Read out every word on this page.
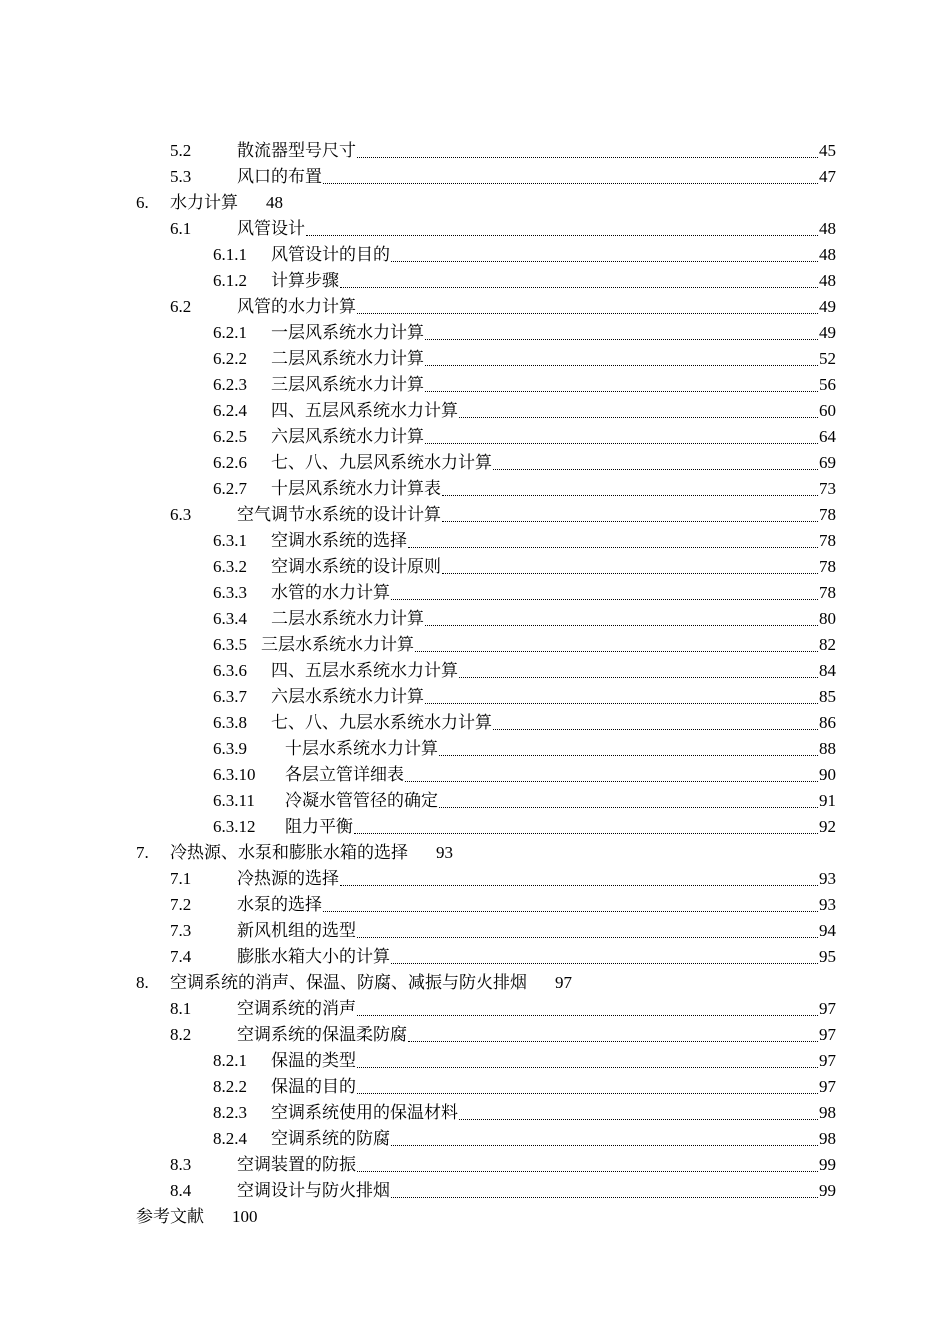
5.2	散流器型号尺寸	45
5.3	风口的布置	47
6.	水力计算	48
6.1	风管设计	48
6.1.1	风管设计的目的	48
6.1.2	计算步骤	48
6.2	风管的水力计算	49
6.2.1	一层风系统水力计算	49
6.2.2	二层风系统水力计算	52
6.2.3	三层风系统水力计算	56
6.2.4	四、五层风系统水力计算	60
6.2.5	六层风系统水力计算	64
6.2.6	七、八、九层风系统水力计算	69
6.2.7	十层风系统水力计算表	73
6.3	空气调节水系统的设计计算	78
6.3.1	空调水系统的选择	78
6.3.2	空调水系统的设计原则	78
6.3.3	水管的水力计算	78
6.3.4	二层水系统水力计算	80
6.3.5 三层水系统水力计算	82
6.3.6	四、五层水系统水力计算	84
6.3.7	六层水系统水力计算	85
6.3.8	七、八、九层水系统水力计算	86
6.3.9	十层水系统水力计算	88
6.3.10	各层立管详细表	90
6.3.11	冷凝水管管径的确定	91
6.3.12	阻力平衡	92
7.	冷热源、水泵和膨胀水箱的选择	93
7.1	冷热源的选择	93
7.2	水泵的选择	93
7.3	新风机组的选型	94
7.4	膨胀水箱大小的计算	95
8.	空调系统的消声、保温、防腐、减振与防火排烟	97
8.1	空调系统的消声	97
8.2	空调系统的保温柔防腐	97
8.2.1	保温的类型	97
8.2.2	保温的目的	97
8.2.3	空调系统使用的保温材料	98
8.2.4	空调系统的防腐	98
8.3	空调装置的防振	99
8.4	空调设计与防火排烟	99
参考文献	100
